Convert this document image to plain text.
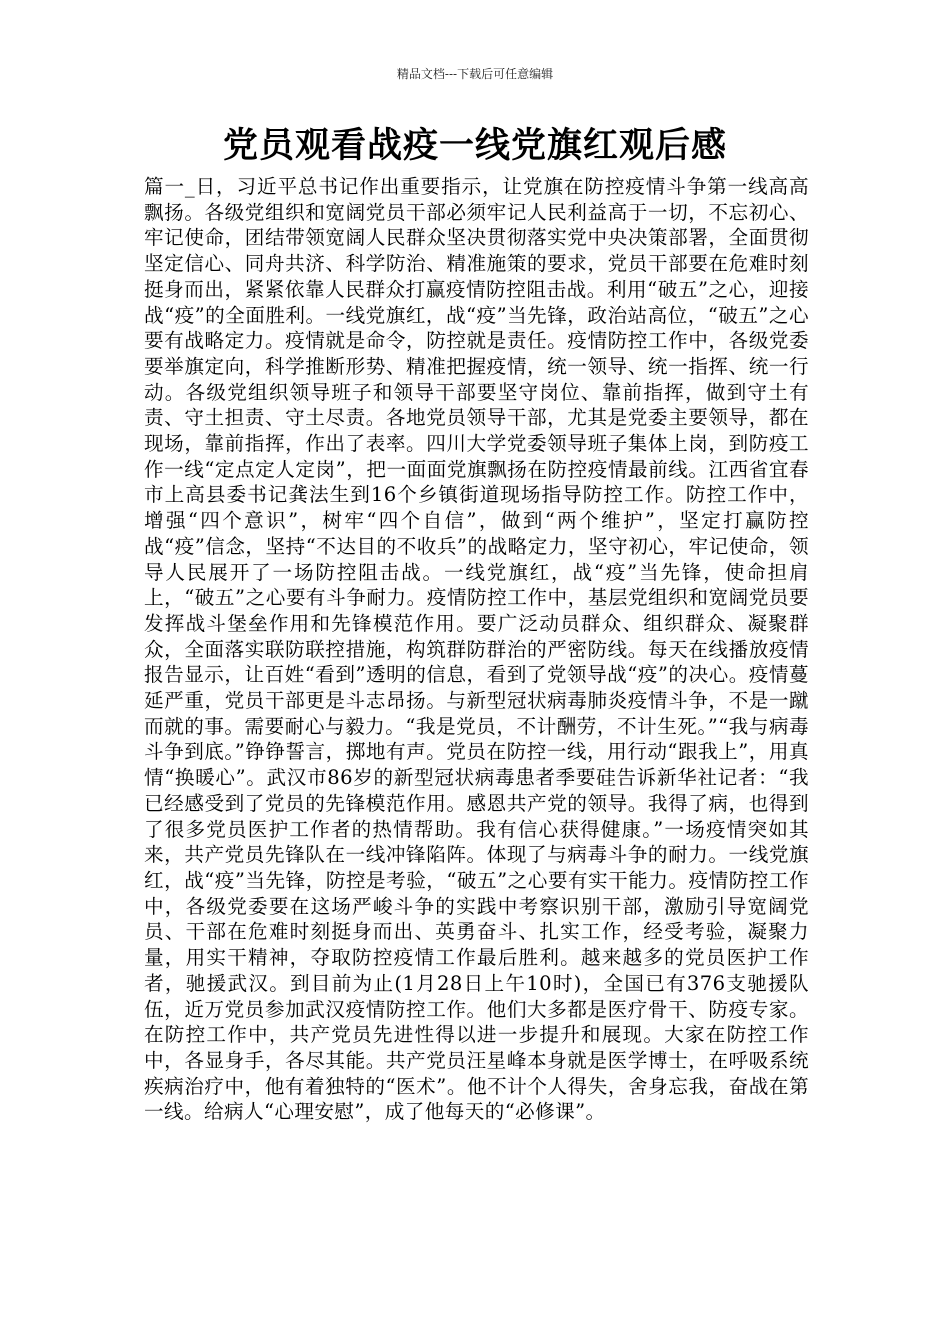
精品文档---下载后可任意编辑
党员观看战疫一线党旗红观后感

篇一_日，习近平总书记作出重要指示，让党旗在防控疫情斗争第一线高高飘扬。各级党组织和宽阔党员干部必须牢记人民利益高于一切，不忘初心、牢记使命，团结带领宽阔人民群众坚决贯彻落实党中央决策部署，全面贯彻坚定信心、同舟共济、科学防治、精准施策的要求，党员干部要在危难时刻挺身而出，紧紧依靠人民群众打赢疫情防控阻击战。利用“破五”之心，迎接战“疫”的全面胜利。一线党旗红，战“疫”当先锋，政治站高位，“破五”之心要有战略定力。疫情就是命令，防控就是责任。疫情防控工作中，各级党委要举旗定向，科学推断形势、精准把握疫情，统一领导、统一指挥、统一行动。各级党组织领导班子和领导干部要坚守岗位、靠前指挥，做到守土有责、守土担责、守土尽责。各地党员领导干部，尤其是党委主要领导，都在现场，靠前指挥，作出了表率。四川大学党委领导班子集体上岗，到防疫工作一线“定点定人定岗”，把一面面党旗飘扬在防控疫情最前线。江西省宜春市上高县委书记龚法生到16个乡镇街道现场指导防控工作。防控工作中，增强“四个意识”，树牢“四个自信”，做到“两个维护”，坚定打赢防控战“疫”信念，坚持“不达目的不收兵”的战略定力，坚守初心，牢记使命，领导人民展开了一场防控阻击战。一线党旗红，战“疫”当先锋，使命担肩上，“破五”之心要有斗争耐力。疫情防控工作中，基层党组织和宽阔党员要发挥战斗堡垒作用和先锋模范作用。要广泛动员群众、组织群众、凝聚群众，全面落实联防联控措施，构筑群防群治的严密防线。每天在线播放疫情报告显示，让百姓“看到”透明的信息，看到了党领导战“疫”的决心。疫情蔓延严重，党员干部更是斗志昂扬。与新型冠状病毒肺炎疫情斗争，不是一蹴而就的事。需要耐心与毅力。“我是党员，不计酬劳，不计生死。”“我与病毒斗争到底。”铮铮誓言，掷地有声。党员在防控一线，用行动“跟我上”，用真情“换暖心”。武汉市86岁的新型冠状病毒患者季要硅告诉新华社记者：“我已经感受到了党员的先锋模范作用。感恩共产党的领导。我得了病，也得到了很多党员医护工作者的热情帮助。我有信心获得健康。”一场疫情突如其来，共产党员先锋队在一线冲锋陷阵。体现了与病毒斗争的耐力。一线党旗红，战“疫”当先锋，防控是考验，“破五”之心要有实干能力。疫情防控工作中，各级党委要在这场严峻斗争的实践中考察识别干部，激励引导宽阔党员、干部在危难时刻挺身而出、英勇奋斗、扎实工作，经受考验，凝聚力量，用实干精神，夺取防控疫情工作最后胜利。越来越多的党员医护工作者，驰援武汉。到目前为止(1月28日上午10时)，全国已有376支驰援队伍，近万党员参加武汉疫情防控工作。他们大多都是医疗骨干、防疫专家。在防控工作中，共产党员先进性得以进一步提升和展现。大家在防控工作中，各显身手，各尽其能。共产党员汪星峰本身就是医学博士，在呼吸系统疾病治疗中，他有着独特的“医术”。他不计个人得失，舍身忘我，奋战在第一线。给病人“心理安慰”，成了他每天的“必修课”。
